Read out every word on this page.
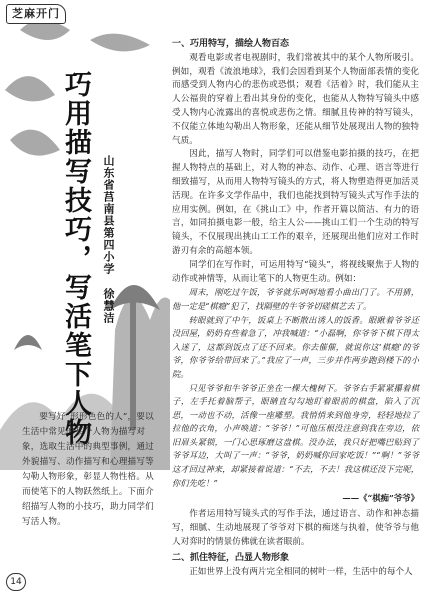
芝麻开门
巧用描写技巧，写活笔下人物	山东省莒南县第四小学 徐慧洁
要写好“形形色色的人”，要以生活中常见的某个人物为描写对象，选取生活中的典型事例，通过外貌描写、动作描写和心理描写等勾勒人物形象，彰显人物性格。从而使笔下的人物跃然纸上。下面介绍描写人物的小技巧，助力同学们写活人物。
14
一、巧用特写，描绘人物百态

观看电影或者电视剧时，我们常被其中的某个人物所吸引。例如，观看《流浪地球》，我们会因看到某个人物面部表情的变化而感受到人物内心的悲伤或恐惧；观看《活着》时，我们能从主人公福贵的穿着上看出其身份的变化，也能从人物特写镜头中感受人物内心流露出的喜悦或悲伤之情。细腻且传神的特写镜头，不仅能立体地勾勒出人物形象，还能从细节处展现出人物的独特气质。

因此，描写人物时，同学们可以借鉴电影拍摄的技巧，在把握人物特点的基础上，对人物的神态、动作、心理、语言等进行细致描写，从而用人物特写镜头的方式，将人物塑造得更加活灵活现。在许多文学作品中，我们也能找到特写镜头式写作手法的应用实例。例如，在《挑山工》中，作者开篇以简洁、有力的语言，如同拍摄电影一般，给主人公——挑山工们一个生动的特写镜头，不仅展现出挑山工工作的艰辛，还展现出他们应对工作时游刃有余的高超本领。

同学们在写作时，可运用特写“镜头”，将视线聚焦于人物的动作或神情等，从而让笔下的人物更生动。例如：

周末，刚吃过午饭，爷爷就乐呵呵地看小曲出门了。不用猜，他一定是“棋瘾”犯了，找隔壁的牛爷爷切磋棋艺去了。

转眼就到了中午，饭桌上不断散出诱人的饭香。眼瞅着爷爷还没回屋，奶奶有些着急了，冲我喊道：“小磊啊，你爷爷下棋下得太入迷了，这都到饭点了还不回来。你去催催，就说你这‘棋瘾’的爷爷，你爷爷给带回来了。”我应了一声，三步并作两步跑到楼下的小院。

只见爷爷和牛爷爷正坐在一棵大槐树下。爷爷右手紧紧攥着棋子，左手托着脑帮子，眼睛直勾勾地盯着眼前的棋盘，陷入了沉思，一动也不动，活像一座雕塑。我悄悄来到他身旁，轻轻地拉了拉他的衣角，小声唤道：“爷爷！”可他压根没注意到我在旁边，依旧眉头紧锁，一门心思琢磨这盘棋。没办法，我只好把嘴巴贴到了爷爷耳边，大叫了一声：“爷爷，奶奶喊你回家吃饭！”“啊！”爷爷这才回过神来，却紧接着说道：“不去，不去！我这棋还没下完呢，你们先吃！”

——《“棋痴”爷爷》

作者运用特写镜头式的写作手法，通过语言、动作和神态描写，细腻、生动地展现了爷爷对下棋的痴迷与执着，使爷爷与他人对弈时的情景仿佛就在读者眼前。

二、抓住特征，凸显人物形象

正如世界上没有两片完全相同的树叶一样，生活中的每个人
